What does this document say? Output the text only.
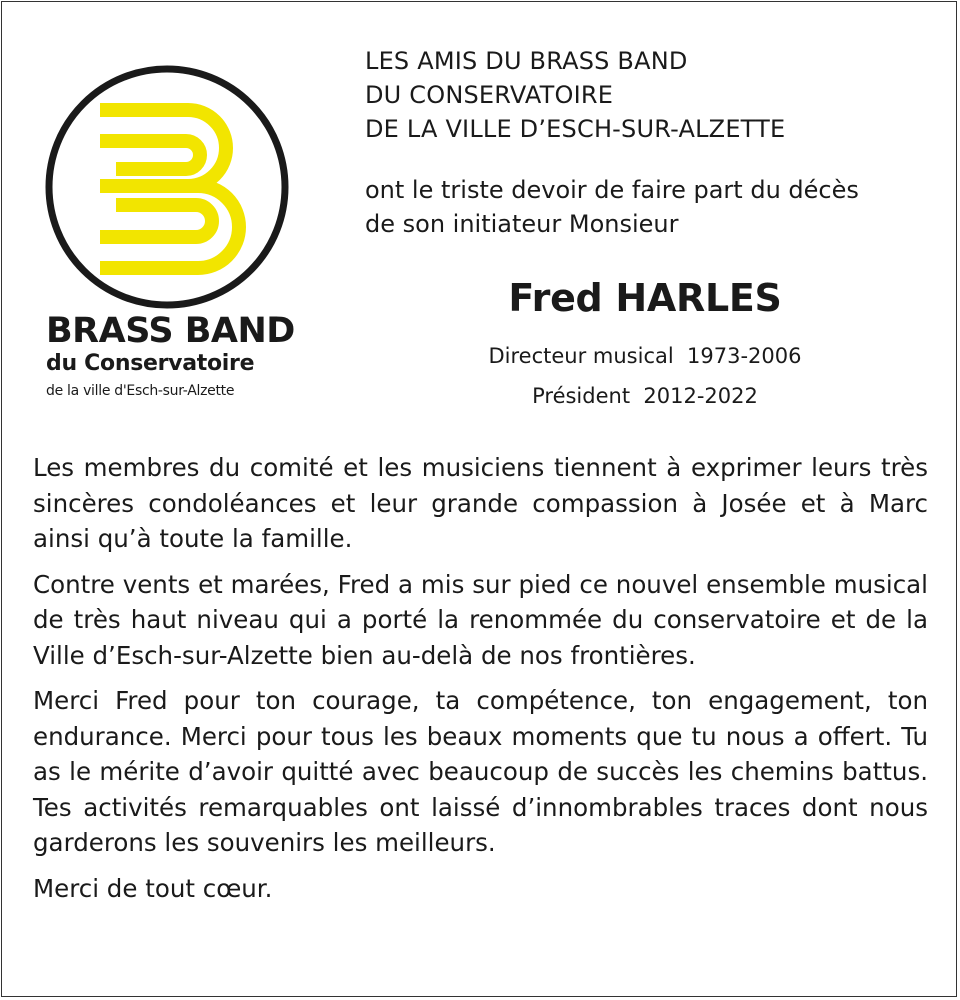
BRASS BAND
du Conservatoire
de la ville d'Esch-sur-Alzette
LES AMIS DU BRASS BAND
DU CONSERVATOIRE
DE LA VILLE D’ESCH-SUR-ALZETTE
ont le triste devoir de faire part du décès
de son initiateur Monsieur
Fred HARLES
Directeur musical  1973-2006
Président  2012-2022

Les membres du comité et les musiciens tiennent à exprimer leurs très sincères condoléances et leur grande compassion à Josée et à Marc ainsi qu’à toute la famille.

Contre vents et marées, Fred a mis sur pied ce nouvel ensemble musical de très haut niveau qui a porté la renommée du conservatoire et de la Ville d’Esch-sur-Alzette bien au-delà de nos frontières.

Merci Fred pour ton courage, ta compétence, ton engagement, ton endurance. Merci pour tous les beaux moments que tu nous a offert. Tu as le mérite d’avoir quitté avec beaucoup de succès les chemins battus. Tes activités remarquables ont laissé d’innombrables traces dont nous garderons les souvenirs les meilleurs.

Merci de tout cœur.
